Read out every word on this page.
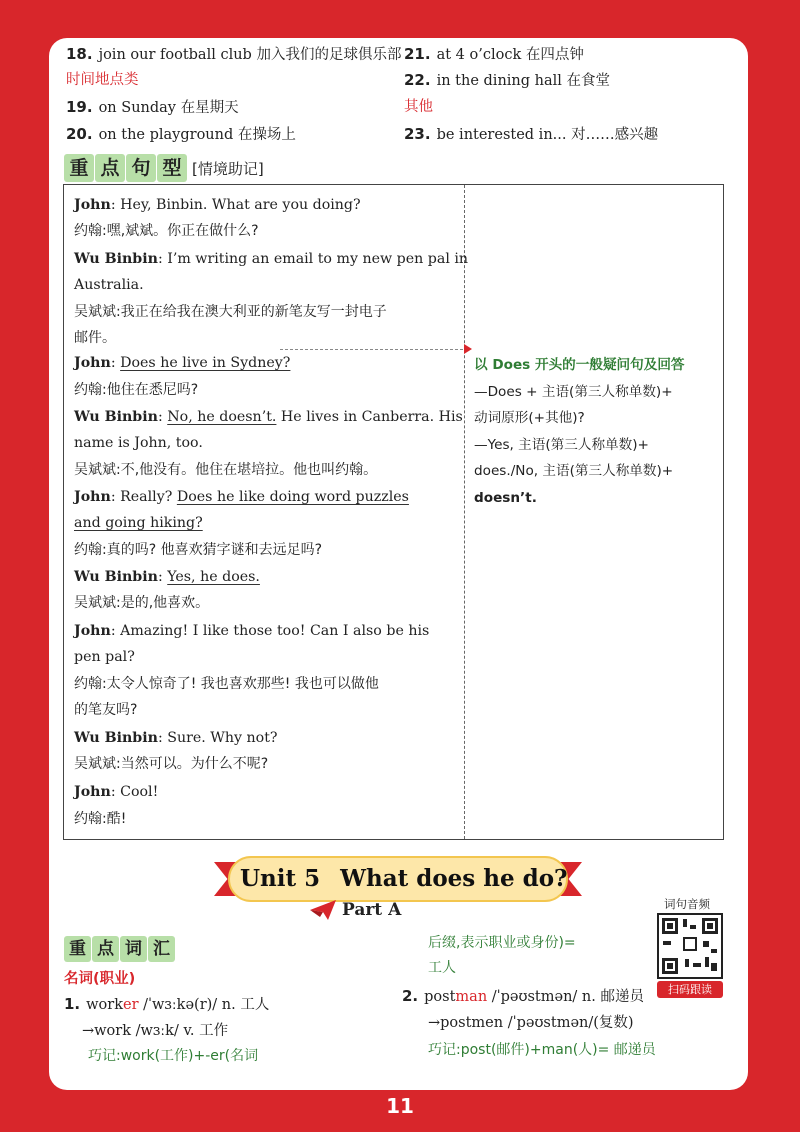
18. join our football club 加入我们的足球俱乐部
时间地点类
19. on Sunday 在星期天
20. on the playground 在操场上
21. at 4 o’clock 在四点钟
22. in the dining hall 在食堂
其他
23. be interested in... 对……感兴趣
重 点 句 型 [情境助记]
John: Hey, Binbin. What are you doing?
约翰:嘿,斌斌。你正在做什么?
Wu Binbin: I’m writing an email to my new pen pal in
Australia.
吴斌斌:我正在给我在澳大利亚的新笔友写一封电子
邮件。
John: Does he live in Sydney?
约翰:他住在悉尼吗?
Wu Binbin: No, he doesn’t. He lives in Canberra. His
name is John, too.
吴斌斌:不,他没有。他住在堪培拉。他也叫约翰。
John: Really? Does he like doing word puzzles
and going hiking?
约翰:真的吗? 他喜欢猜字谜和去远足吗?
Wu Binbin: Yes, he does.
吴斌斌:是的,他喜欢。
John: Amazing! I like those too! Can I also be his
pen pal?
约翰:太令人惊奇了! 我也喜欢那些! 我也可以做他
的笔友吗?
Wu Binbin: Sure. Why not?
吴斌斌:当然可以。为什么不呢?
John: Cool!
约翰:酷!
以 Does 开头的一般疑问句及回答
—Does + 主语(第三人称单数)+
动词原形(+其他)?
—Yes, 主语(第三人称单数)+
does./No, 主语(第三人称单数)+
doesn’t.
Unit 5 What does he do?
Part A
重 点 词 汇
名词(职业)
1. worker /ˈwɜːkə(r)/ n. 工人
→work /wɜːk/ v. 工作
巧记:work(工作)+-er(名词
后缀,表示职业或身份)=
工人
2. postman /ˈpəʊstmən/ n. 邮递员
→postmen /ˈpəʊstmən/(复数)
巧记:post(邮件)+man(人)= 邮递员
词句音频
扫码跟读
11
